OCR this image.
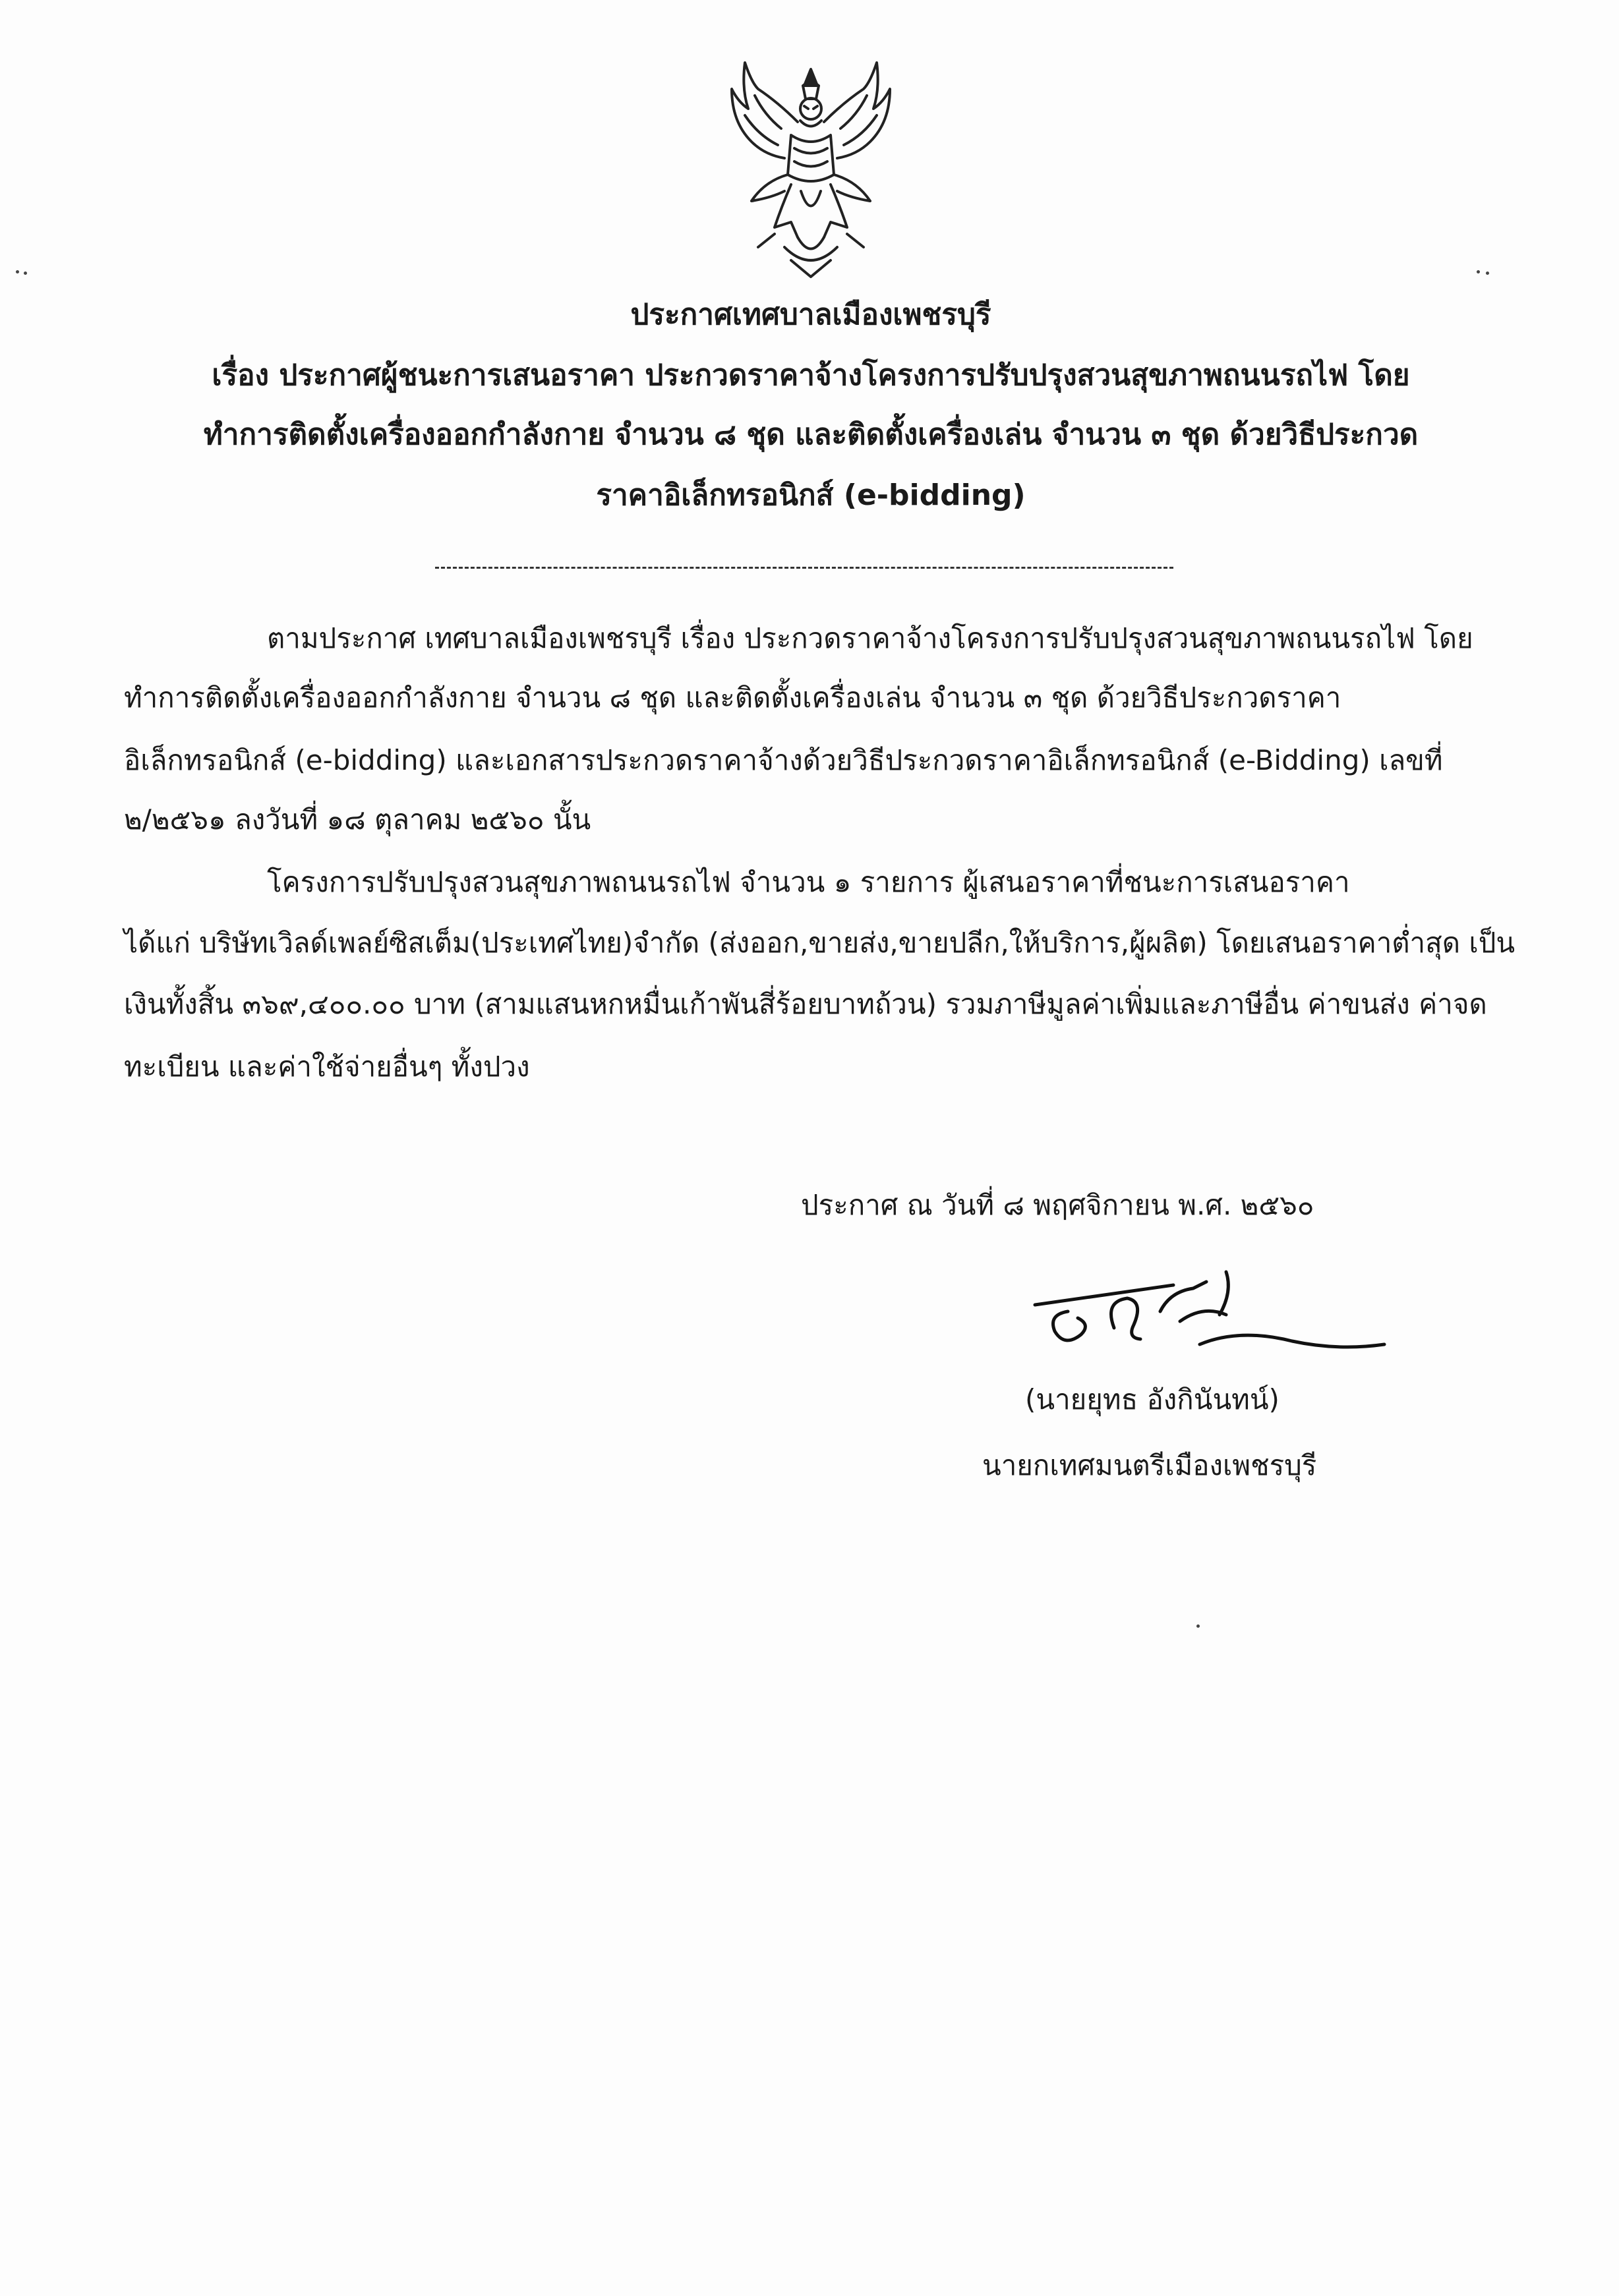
ประกาศเทศบาลเมืองเพชรบุรี
เรื่อง ประกาศผู้ชนะการเสนอราคา ประกวดราคาจ้างโครงการปรับปรุงสวนสุขภาพถนนรถไฟ โดย
ทำการติดตั้งเครื่องออกกำลังกาย จำนวน ๘ ชุด และติดตั้งเครื่องเล่น จำนวน ๓ ชุด ด้วยวิธีประกวด
ราคาอิเล็กทรอนิกส์ (e-bidding)
ตามประกาศ เทศบาลเมืองเพชรบุรี เรื่อง ประกวดราคาจ้างโครงการปรับปรุงสวนสุขภาพถนนรถไฟ โดย
ทำการติดตั้งเครื่องออกกำลังกาย จำนวน ๘ ชุด และติดตั้งเครื่องเล่น จำนวน ๓ ชุด ด้วยวิธีประกวดราคา
อิเล็กทรอนิกส์ (e-bidding) และเอกสารประกวดราคาจ้างด้วยวิธีประกวดราคาอิเล็กทรอนิกส์ (e-Bidding) เลขที่
๒/๒๕๖๑ ลงวันที่ ๑๘ ตุลาคม ๒๕๖๐ นั้น
โครงการปรับปรุงสวนสุขภาพถนนรถไฟ จำนวน ๑ รายการ ผู้เสนอราคาที่ชนะการเสนอราคา
ได้แก่ บริษัทเวิลด์เพลย์ซิสเต็ม(ประเทศไทย)จำกัด (ส่งออก,ขายส่ง,ขายปลีก,ให้บริการ,ผู้ผลิต) โดยเสนอราคาต่ำสุด เป็น
เงินทั้งสิ้น ๓๖๙,๔๐๐.๐๐ บาท (สามแสนหกหมื่นเก้าพันสี่ร้อยบาทถ้วน) รวมภาษีมูลค่าเพิ่มและภาษีอื่น ค่าขนส่ง ค่าจด
ทะเบียน และค่าใช้จ่ายอื่นๆ ทั้งปวง
ประกาศ ณ วันที่ ๘ พฤศจิกายน พ.ศ. ๒๕๖๐
(นายยุทธ อังกินันทน์)
นายกเทศมนตรีเมืองเพชรบุรี
